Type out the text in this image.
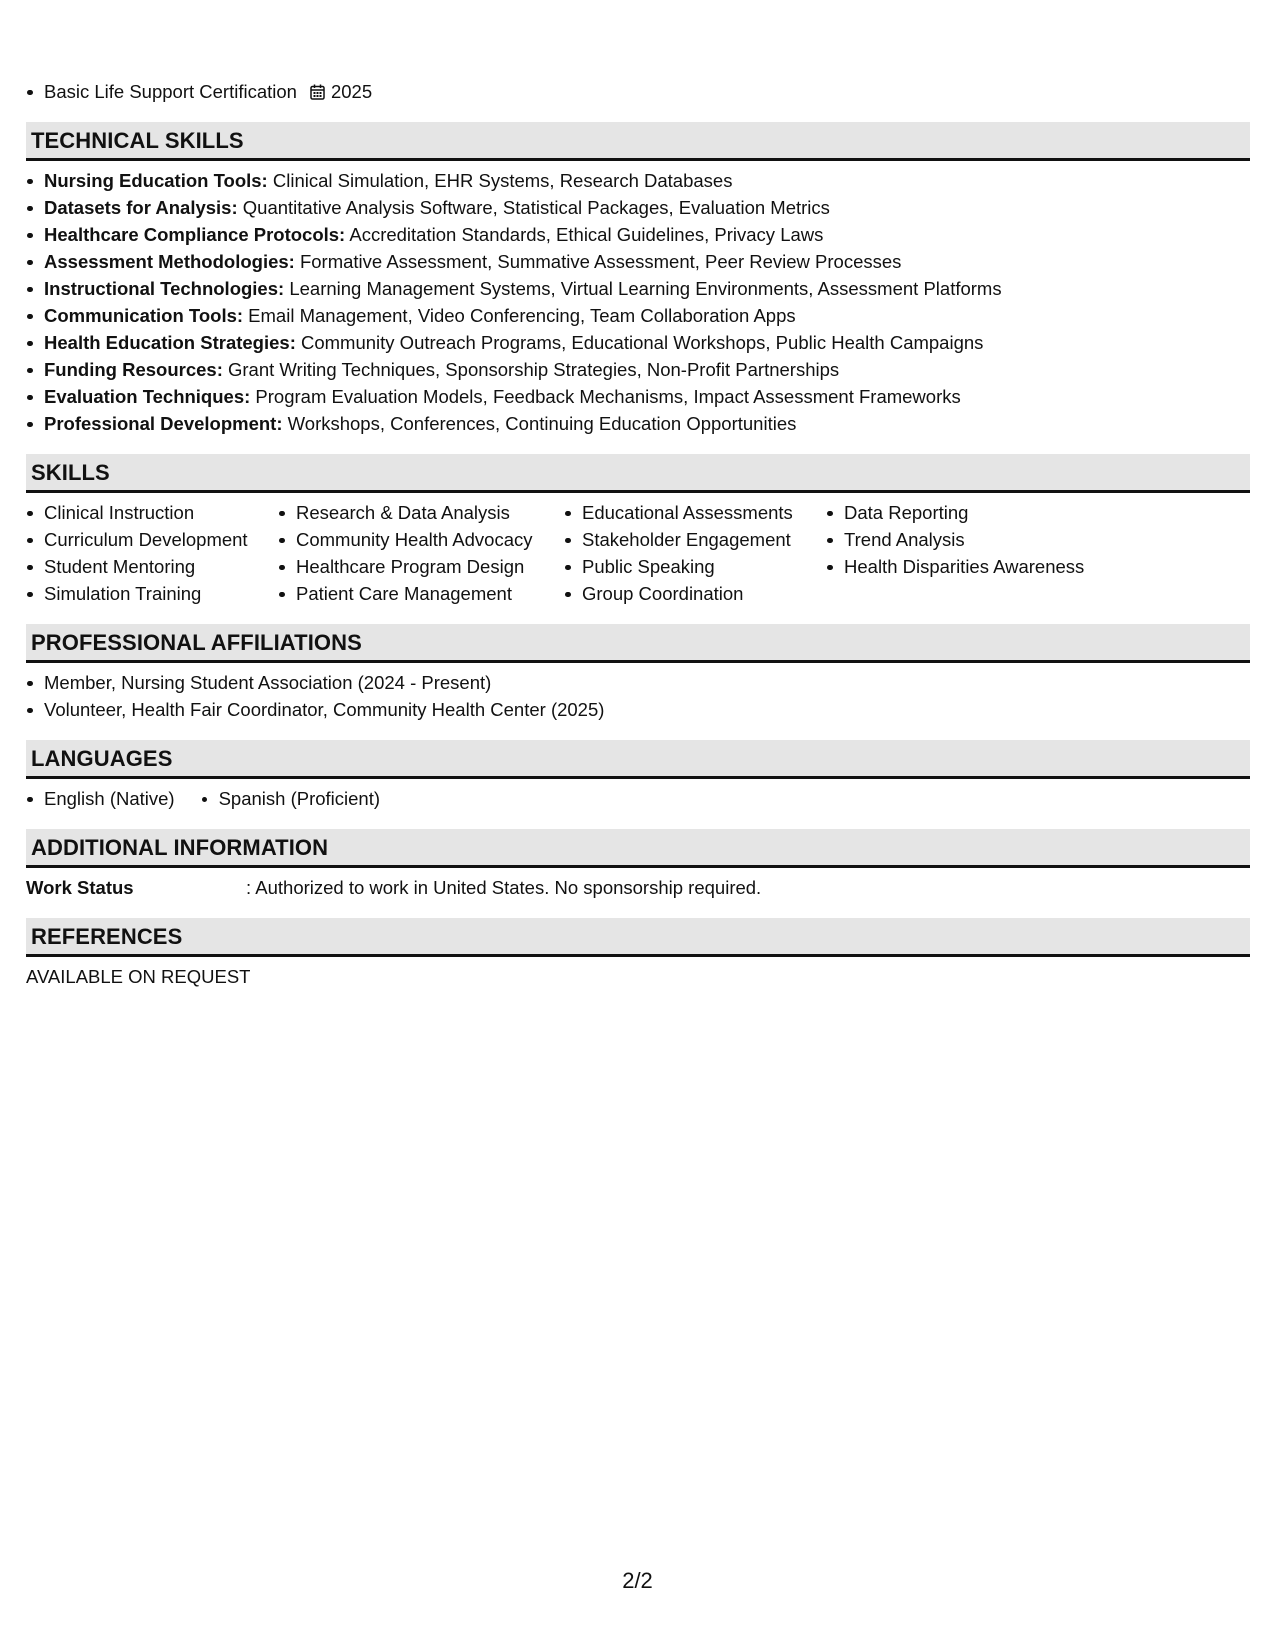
Basic Life Support Certification 2025
TECHNICAL SKILLS
Nursing Education Tools: Clinical Simulation, EHR Systems, Research Databases
Datasets for Analysis: Quantitative Analysis Software, Statistical Packages, Evaluation Metrics
Healthcare Compliance Protocols: Accreditation Standards, Ethical Guidelines, Privacy Laws
Assessment Methodologies: Formative Assessment, Summative Assessment, Peer Review Processes
Instructional Technologies: Learning Management Systems, Virtual Learning Environments, Assessment Platforms
Communication Tools: Email Management, Video Conferencing, Team Collaboration Apps
Health Education Strategies: Community Outreach Programs, Educational Workshops, Public Health Campaigns
Funding Resources: Grant Writing Techniques, Sponsorship Strategies, Non-Profit Partnerships
Evaluation Techniques: Program Evaluation Models, Feedback Mechanisms, Impact Assessment Frameworks
Professional Development: Workshops, Conferences, Continuing Education Opportunities
SKILLS
Clinical Instruction
Curriculum Development
Student Mentoring
Simulation Training
Research & Data Analysis
Community Health Advocacy
Healthcare Program Design
Patient Care Management
Educational Assessments
Stakeholder Engagement
Public Speaking
Group Coordination
Data Reporting
Trend Analysis
Health Disparities Awareness
PROFESSIONAL AFFILIATIONS
Member, Nursing Student Association (2024 - Present)
Volunteer, Health Fair Coordinator, Community Health Center (2025)
LANGUAGES
English (Native)	Spanish (Proficient)
ADDITIONAL INFORMATION
Work Status	: Authorized to work in United States. No sponsorship required.
REFERENCES
AVAILABLE ON REQUEST
2/2
